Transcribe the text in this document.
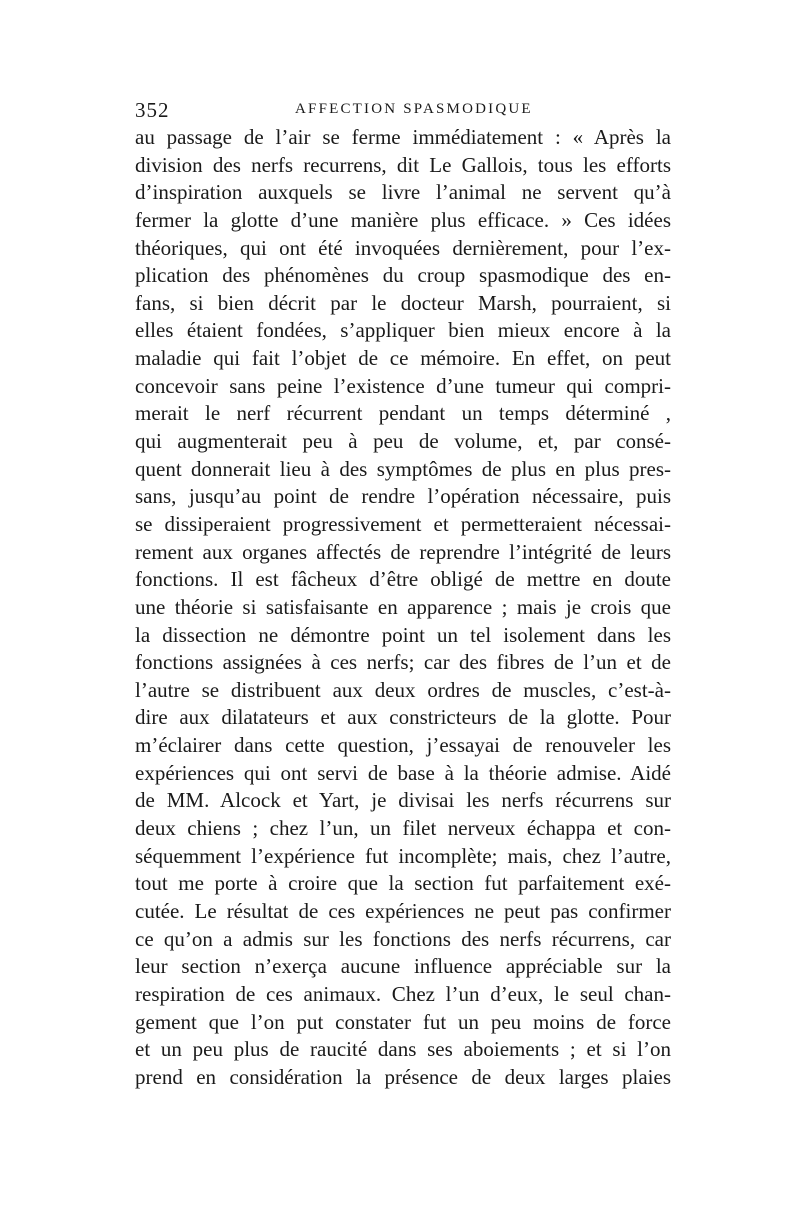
352	AFFECTION SPASMODIQUE
au passage de l’air se ferme immédiatement : « Après la
division des nerfs recurrens, dit Le Gallois, tous les efforts
d’inspiration auxquels se livre l’animal ne servent qu’à
fermer la glotte d’une manière plus efficace. » Ces idées
théoriques, qui ont été invoquées dernièrement, pour l’ex-
plication des phénomènes du croup spasmodique des en-
fans, si bien décrit par le docteur Marsh, pourraient, si
elles étaient fondées, s’appliquer bien mieux encore à la
maladie qui fait l’objet de ce mémoire. En effet, on peut
concevoir sans peine l’existence d’une tumeur qui compri-
merait le nerf récurrent pendant un temps déterminé ,
qui augmenterait peu à peu de volume, et, par consé-
quent donnerait lieu à des symptômes de plus en plus pres-
sans, jusqu’au point de rendre l’opération nécessaire, puis
se dissiperaient progressivement et permetteraient nécessai-
rement aux organes affectés de reprendre l’intégrité de leurs
fonctions. Il est fâcheux d’être obligé de mettre en doute
une théorie si satisfaisante en apparence ; mais je crois que
la dissection ne démontre point un tel isolement dans les
fonctions assignées à ces nerfs; car des fibres de l’un et de
l’autre se distribuent aux deux ordres de muscles, c’est-à-
dire aux dilatateurs et aux constricteurs de la glotte. Pour
m’éclairer dans cette question, j’essayai de renouveler les
expériences qui ont servi de base à la théorie admise. Aidé
de MM. Alcock et Yart, je divisai les nerfs récurrens sur
deux chiens ; chez l’un, un filet nerveux échappa et con-
séquemment l’expérience fut incomplète; mais, chez l’autre,
tout me porte à croire que la section fut parfaitement exé-
cutée. Le résultat de ces expériences ne peut pas confirmer
ce qu’on a admis sur les fonctions des nerfs récurrens, car
leur section n’exerça aucune influence appréciable sur la
respiration de ces animaux. Chez l’un d’eux, le seul chan-
gement que l’on put constater fut un peu moins de force
et un peu plus de raucité dans ses aboiements ; et si l’on
prend en considération la présence de deux larges plaies
